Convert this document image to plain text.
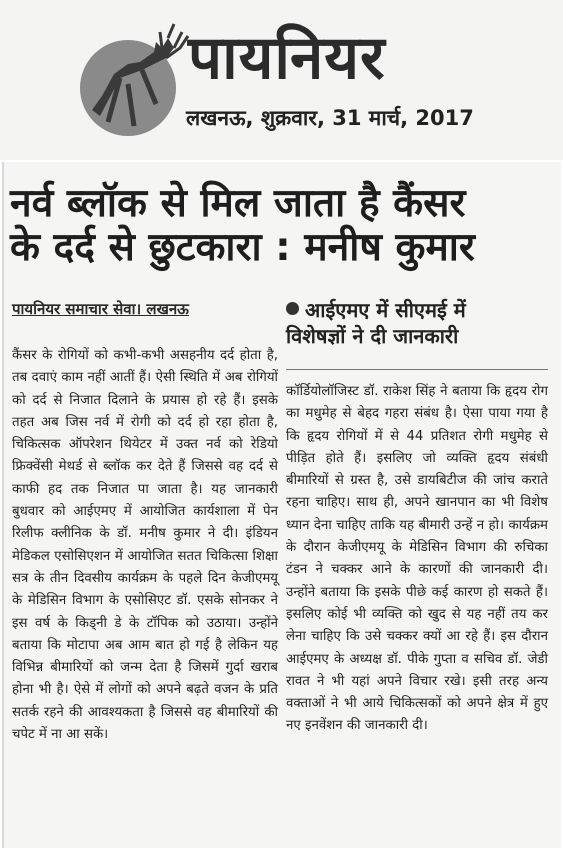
पायनियर
लखनऊ, शुक्रवार, 31 मार्च, 2017
नर्व ब्लॉक से मिल जाता है कैंसर
के दर्द से छुटकारा : मनीष कुमार
पायनियर समाचार सेवा। लखनऊ	आईएमए में सीएमई में
विशेषज्ञों ने दी जानकारी

कैंसर के रोगियों को कभी-कभी असहनीय दर्द होता है, तब दवाएं काम नहीं आतीं हैं। ऐसी स्थिति में अब रोगियों को दर्द से निजात दिलाने के प्रयास हो रहे हैं। इसके तहत अब जिस नर्व में रोगी को दर्द हो रहा होता है, चिकित्सक ऑपरेशन थियेटर में उक्त नर्व को रेडियो फ्रिक्वेंसी मेथर्ड से ब्लॉक कर देते हैं जिससे वह दर्द से काफी हद तक निजात पा जाता है। यह जानकारी बुधवार को आईएमए में आयोजित कार्यशाला में पेन रिलीफ क्लीनिक के डॉ. मनीष कुमार ने दी। इंडियन मेडिकल एसोसिएशन में आयोजित सतत चिकित्सा शिक्षा सत्र के तीन दिवसीय कार्यक्रम के पहले दिन केजीएमयू के मेडिसिन विभाग के एसोसिएट डॉ. एसके सोनकर ने इस वर्ष के किड्नी डे के टॉपिक को उठाया। उन्होंने बताया कि मोटापा अब आम बात हो गई है लेकिन यह विभिन्न बीमारियों को जन्म देता है जिसमें गुर्दा खराब होना भी है। ऐसे में लोगों को अपने बढ़ते वजन के प्रति सतर्क रहने की आवश्यकता है जिससे वह बीमारियों की चपेट में ना आ सकें।

कॉर्डियोलॉजिस्ट डॉ. राकेश सिंह ने बताया कि हृदय रोग का मधुमेह से बेहद गहरा संबंध है। ऐसा पाया गया है कि हृदय रोगियों में से 44 प्रतिशत रोगी मधुमेह से पीड़ित होते हैं। इसलिए जो व्यक्ति हृदय संबंधी बीमारियों से ग्रस्त है, उसे डायबिटीज की जांच कराते रहना चाहिए। साथ ही, अपने खानपान का भी विशेष ध्यान देना चाहिए ताकि यह बीमारी उन्हें न हो। कार्यक्रम के दौरान केजीएमयू के मेडिसिन विभाग की रुचिका टंडन ने चक्कर आने के कारणों की जानकारी दी। उन्होंने बताया कि इसके पीछे कई कारण हो सकते हैं। इसलिए कोई भी व्यक्ति को खुद से यह नहीं तय कर लेना चाहिए कि उसे चक्कर क्यों आ रहे हैं। इस दौरान आईएमए के अध्यक्ष डॉ. पीके गुप्ता व सचिव डॉ. जेडी रावत ने भी यहां अपने विचार रखे। इसी तरह अन्य वक्ताओं ने भी आये चिकित्सकों को अपने क्षेत्र में हुए नए इनवेंशन की जानकारी दी।
